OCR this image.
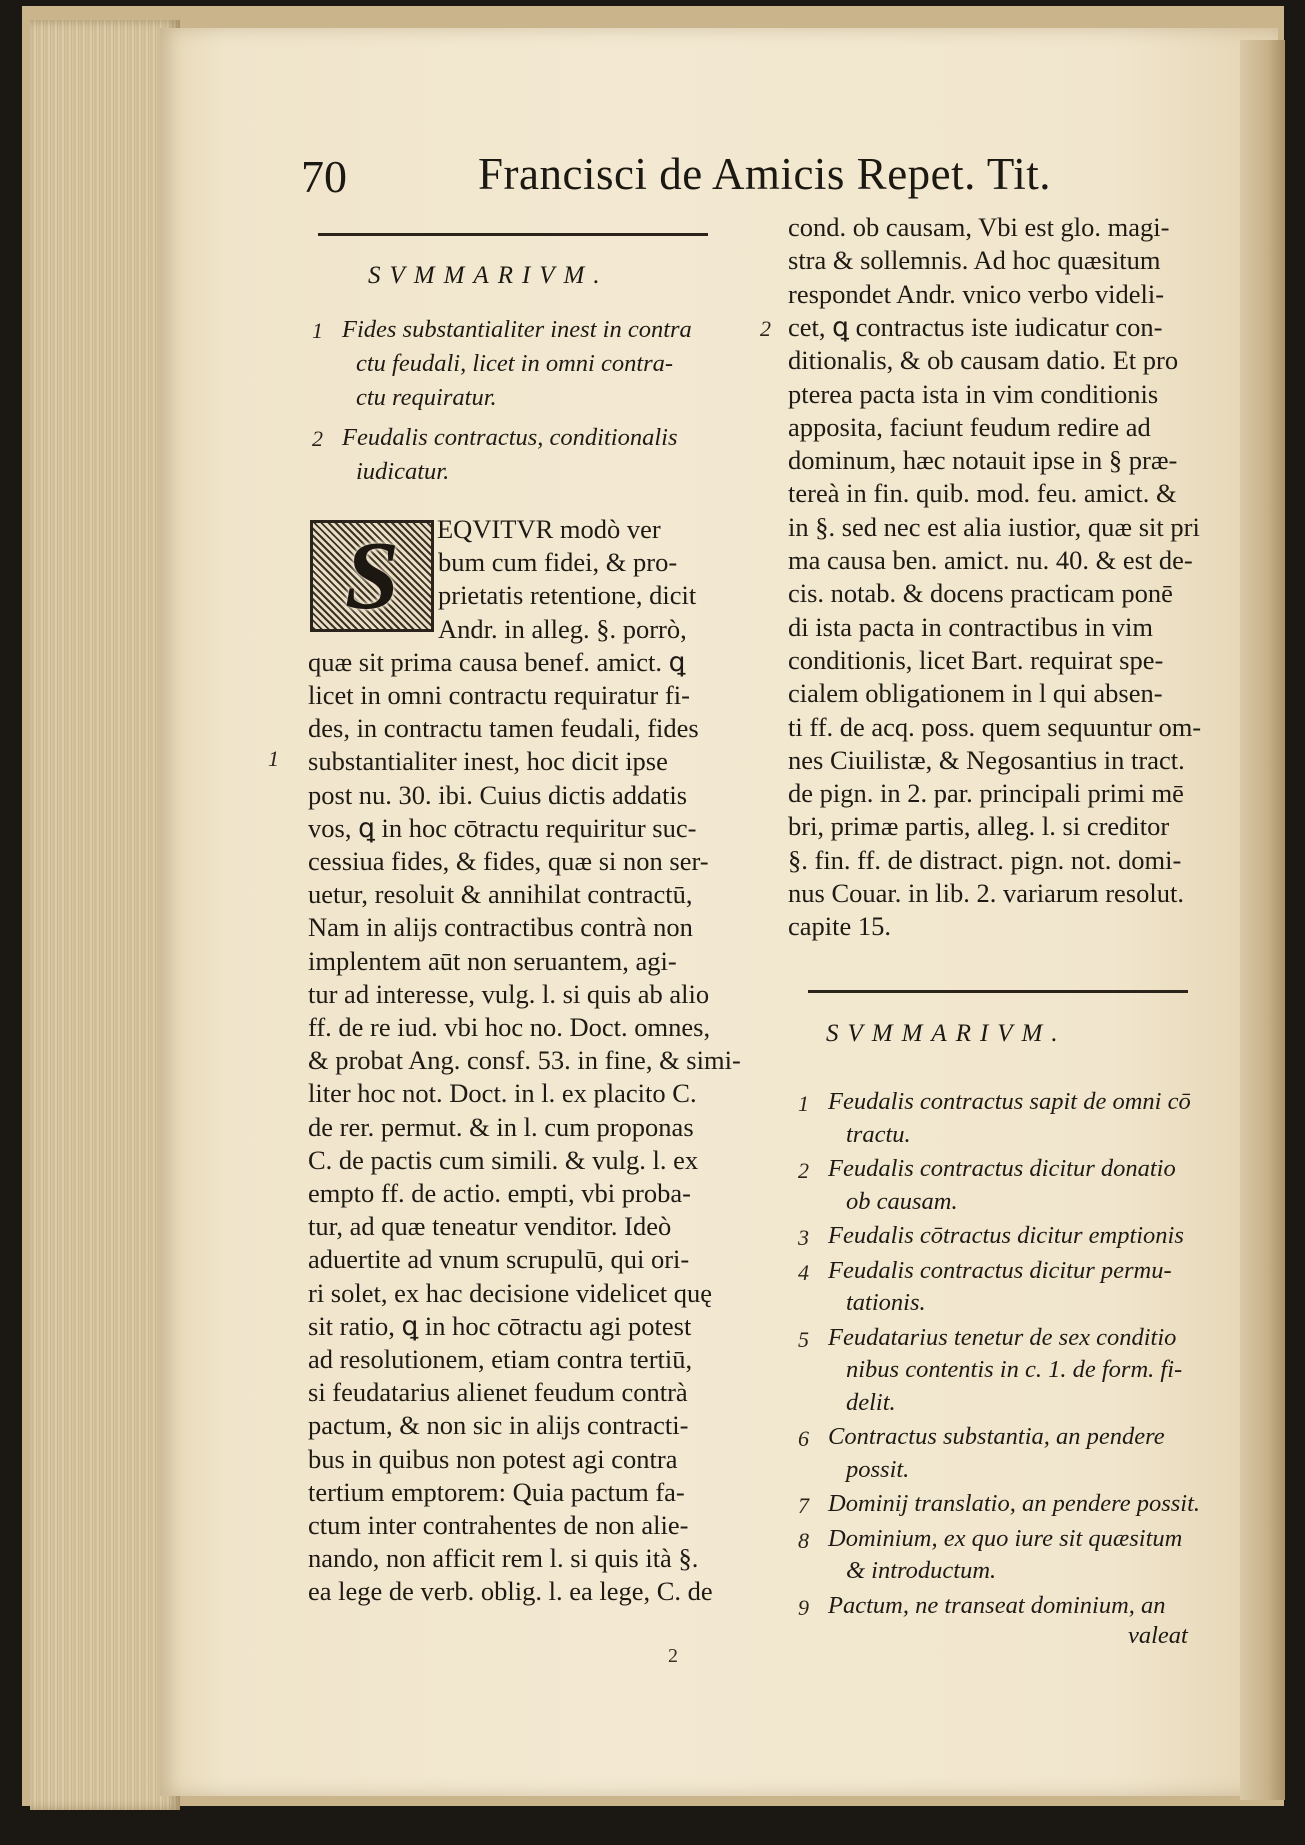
70	Francisci de Amicis Repet. Tit.
SVMMARIVM.
1 Fides substantialiter inest in contra
ctu feudali, licet in omni contra-
ctu requiratur.
2 Feudalis contractus, conditionalis
iudicatur.
S EQVITVR modò ver
bum cum fidei, & pro-
prietatis retentione, dicit
Andr. in alleg. §. porrò,
quæ sit prima causa benef. amict. ꝗ
licet in omni contractu requiratur fi-
des, in contractu tamen feudali, fides
substantialiter inest, hoc dicit ipse
post nu. 30. ibi. Cuius dictis addatis
vos, ꝗ in hoc cōtractu requiritur suc-
cessiua fides, & fides, quæ si non ser-
uetur, resoluit & annihilat contractū,
Nam in alijs contractibus contrà non
implentem aūt non seruantem, agi-
tur ad interesse, vulg. l. si quis ab alio
ff. de re iud. vbi hoc no. Doct. omnes,
& probat Ang. consf. 53. in fine, & simi-
liter hoc not. Doct. in l. ex placito C.
de rer. permut. & in l. cum proponas
C. de pactis cum simili. & vulg. l. ex
empto ff. de actio. empti, vbi proba-
tur, ad quæ teneatur venditor. Ideò
aduertite ad vnum scrupulū, qui ori-
ri solet, ex hac decisione videlicet quę
sit ratio, ꝗ in hoc cōtractu agi potest
ad resolutionem, etiam contra tertiū,
si feudatarius alienet feudum contrà
pactum, & non sic in alijs contracti-
bus in quibus non potest agi contra
tertium emptorem: Quia pactum fa-
ctum inter contrahentes de non alie-
nando, non afficit rem l. si quis ità §.
ea lege de verb. oblig. l. ea lege, C. de
1
cond. ob causam, Vbi est glo. magi-
stra & sollemnis. Ad hoc quæsitum
respondet Andr. vnico verbo videli-
cet, ꝗ contractus iste iudicatur con-
ditionalis, & ob causam datio. Et pro
pterea pacta ista in vim conditionis
apposita, faciunt feudum redire ad
dominum, hæc notauit ipse in § præ-
tereà in fin. quib. mod. feu. amict. &
in §. sed nec est alia iustior, quæ sit pri
ma causa ben. amict. nu. 40. & est de-
cis. notab. & docens practicam ponē
di ista pacta in contractibus in vim
conditionis, licet Bart. requirat spe-
cialem obligationem in l qui absen-
ti ff. de acq. poss. quem sequuntur om-
nes Ciuilistæ, & Negosantius in tract.
de pign. in 2. par. principali primi mē
bri, primæ partis, alleg. l. si creditor
§. fin. ff. de distract. pign. not. domi-
nus Couar. in lib. 2. variarum resolut.
capite 15.
2
SVMMARIVM.
1 Feudalis contractus sapit de omni cō
tractu.
2 Feudalis contractus dicitur donatio
ob causam.
3 Feudalis cōtractus dicitur emptionis
4 Feudalis contractus dicitur permu-
tationis.
5 Feudatarius tenetur de sex conditio
nibus contentis in c. 1. de form. fi-
delit.
6 Contractus substantia, an pendere
possit.
7 Dominij translatio, an pendere possit.
8 Dominium, ex quo iure sit quæsitum
& introductum.
9 Pactum, ne transeat dominium, an
valeat
2
